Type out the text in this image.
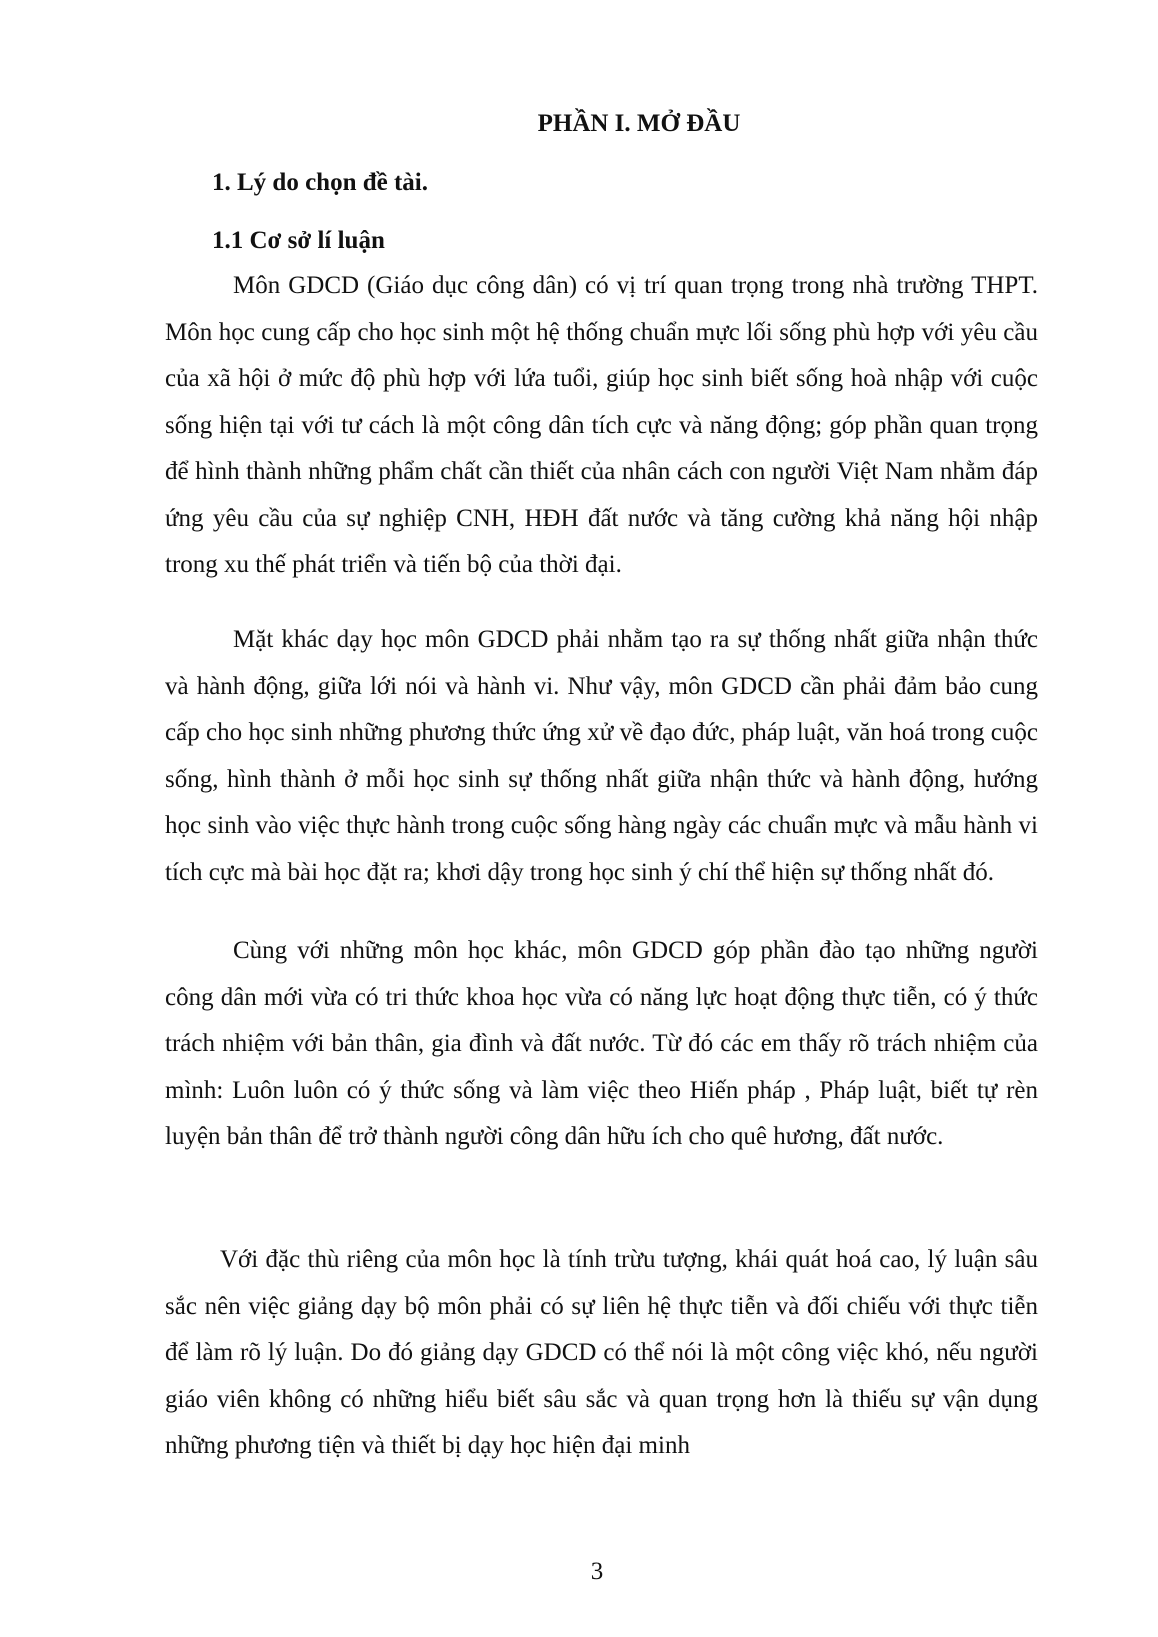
PHẦN I. MỞ ĐẦU
1. Lý do chọn đề tài.
1.1 Cơ sở lí luận

Môn GDCD (Giáo dục công dân) có vị trí quan trọng trong nhà trường THPT. Môn học cung cấp cho học sinh một hệ thống chuẩn mực lối sống phù hợp với yêu cầu của xã hội ở mức độ phù hợp với lứa tuổi, giúp học sinh biết sống hoà nhập với cuộc sống hiện tại với tư cách là một công dân tích cực và năng động; góp phần quan trọng để hình thành những phẩm chất cần thiết của nhân cách con người Việt Nam nhằm đáp ứng yêu cầu của sự nghiệp CNH, HĐH đất nước và tăng cường khả năng hội nhập trong xu thế phát triển và tiến bộ của thời đại.

Mặt khác dạy học môn GDCD phải nhằm tạo ra sự thống nhất giữa nhận thức và hành động, giữa lới nói và hành vi. Như vậy, môn GDCD cần phải đảm bảo cung cấp cho học sinh những phương thức ứng xử về đạo đức, pháp luật, văn hoá trong cuộc sống, hình thành ở mỗi học sinh sự thống nhất giữa nhận thức và hành động, hướng học sinh vào việc thực hành trong cuộc sống hàng ngày các chuẩn mực và mẫu hành vi tích cực mà bài học đặt ra; khơi dậy trong học sinh ý chí thể hiện sự thống nhất đó.

Cùng với những môn học khác, môn GDCD góp phần đào tạo những người công dân mới vừa có tri thức khoa học vừa có năng lực hoạt động thực tiễn, có ý thức trách nhiệm với bản thân, gia đình và đất nước. Từ đó các em thấy rõ trách nhiệm của mình: Luôn luôn có ý thức sống và làm việc theo Hiến pháp , Pháp luật, biết tự rèn luyện bản thân để trở thành người công dân hữu ích cho quê hương, đất nước.

Với đặc thù riêng của môn học là tính trừu tượng, khái quát hoá cao, lý luận sâu sắc nên việc giảng dạy bộ môn phải có sự liên hệ thực tiễn và đối chiếu với thực tiễn để làm rõ lý luận. Do đó giảng dạy GDCD có thể nói là một công việc khó, nếu người giáo viên không có những hiểu biết sâu sắc và quan trọng hơn là thiếu sự vận dụng những phương tiện và thiết bị dạy học hiện đại minh

3
